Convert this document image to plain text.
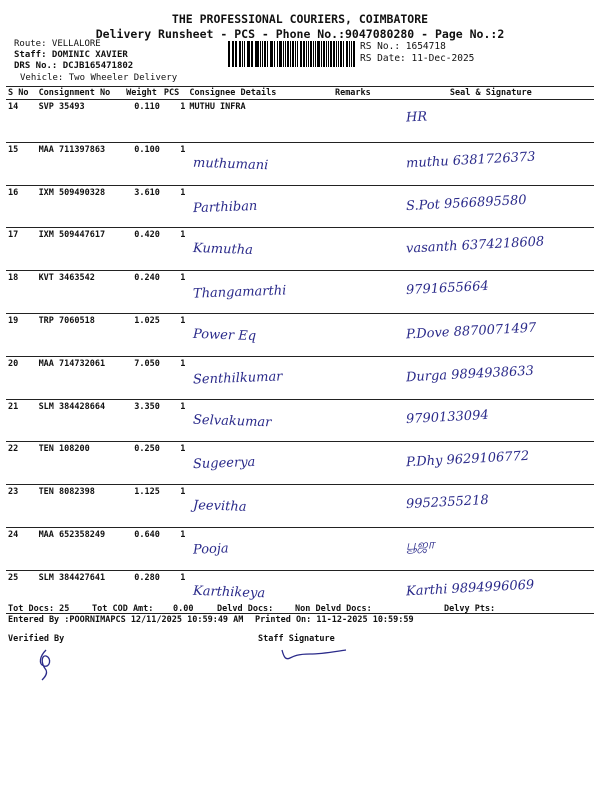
THE PROFESSIONAL COURIERS, COIMBATORE
Delivery Runsheet - PCS - Phone No.:9047080280 - Page No.:2
Route: VELLALORE
Staff: DOMINIC XAVIER
DRS No.: DCJB165471802
Vehicle: Two Wheeler Delivery
RS No.: 1654718
RS Date: 11-Dec-2025
S No	Consignment No	Weight	PCS	Consignee Details	Remarks	Seal & Signature
14	SVP 35493	0.110	1	MUTHU INFRA		HR

15	MAA 711397863	0.100	1	muthumani		muthu 6381726373

16	IXM 509490328	3.610	1	Parthiban		S.Pot 9566895580

17	IXM 509447617	0.420	1	Kumutha		vasanth 6374218608

18	KVT 3463542	0.240	1	Thangamarthi		9791655664

19	TRP 7060518	1.025	1	Power Eq		P.Dove 8870071497

20	MAA 714732061	7.050	1	Senthilkumar		Durga 9894938633

21	SLM 384428664	3.350	1	Selvakumar		9790133094

22	TEN 108200	0.250	1	Sugeerya		P.Dhy 9629106772

23	TEN 8082398	1.125	1	Jeevitha		9952355218

24	MAA 652358249	0.640	1	Pooja		பூஜா

25	SLM 384427641	0.280	1	Karthikeya		Karthi 9894996069
Tot Docs: 25	Tot COD Amt: 0.00	Delvd Docs:	Non Delvd Docs:	Delvy Pts:
Entered By :POORNIMAPCS 12/11/2025 10:59:49 AM Printed On: 11-12-2025 10:59:59
Verified By	Staff Signature
